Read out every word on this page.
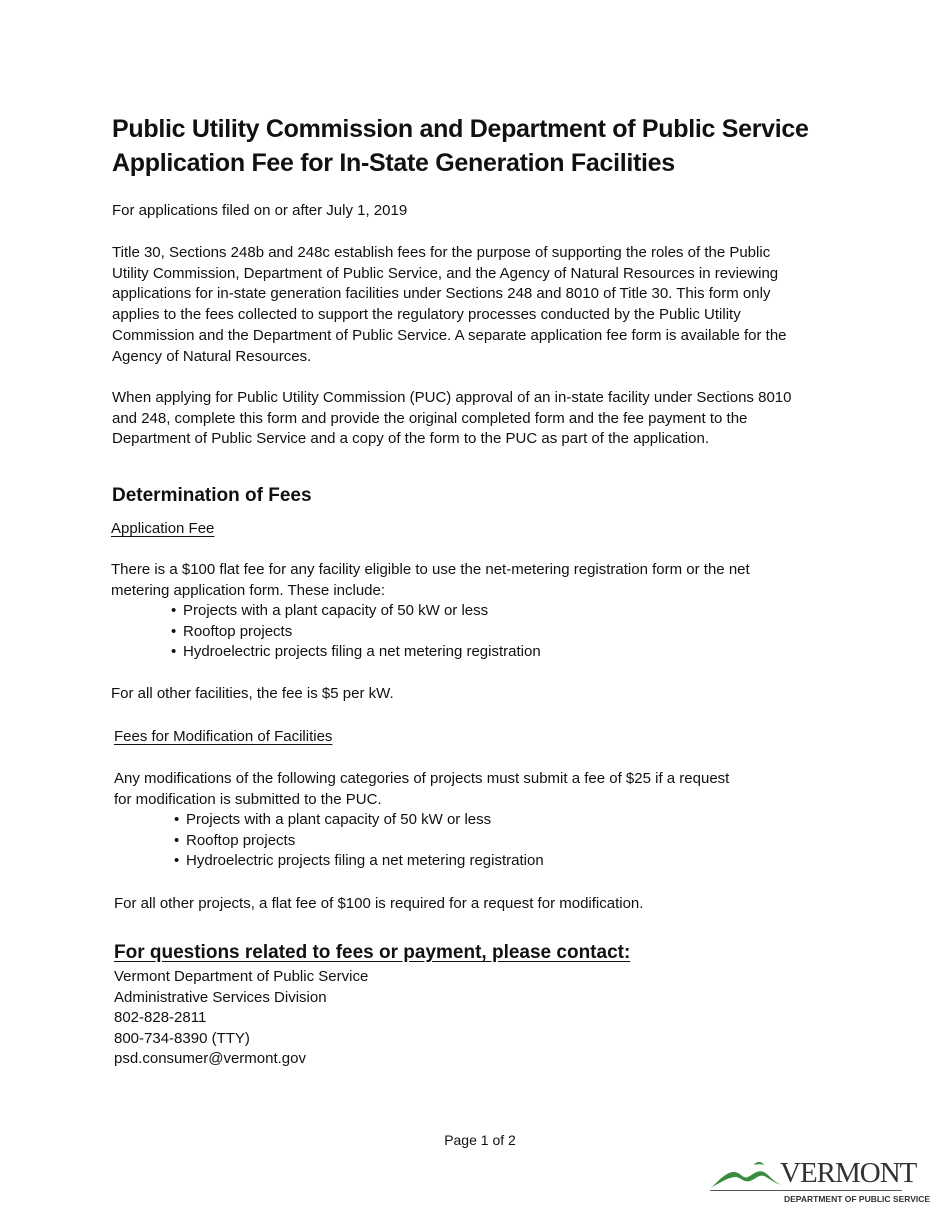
Public Utility Commission and Department of Public Service
Application Fee for In-State Generation Facilities

For applications filed on or after July 1, 2019

Title 30, Sections 248b and 248c establish fees for the purpose of supporting the roles of the Public
Utility Commission, Department of Public Service, and the Agency of Natural Resources in reviewing
applications for in-state generation facilities under Sections 248 and 8010 of Title 30. This form only
applies to the fees collected to support the regulatory processes conducted by the Public Utility
Commission and the Department of Public Service. A separate application fee form is available for the
Agency of Natural Resources.

When applying for Public Utility Commission (PUC) approval of an in-state facility under Sections 8010
and 248, complete this form and provide the original completed form and the fee payment to the
Department of Public Service and a copy of the form to the PUC as part of the application.

Determination of Fees
Application Fee

There is a $100 flat fee for any facility eligible to use the net-metering registration form or the net
metering application form. These include:

• Projects with a plant capacity of 50 kW or less
• Rooftop projects
• Hydroelectric projects filing a net metering registration

For all other facilities, the fee is $5 per kW.

Fees for Modification of Facilities

Any modifications of the following categories of projects must submit a fee of $25 if a request
for modification is submitted to the PUC.

• Projects with a plant capacity of 50 kW or less
• Rooftop projects
• Hydroelectric projects filing a net metering registration

For all other projects, a flat fee of $100 is required for a request for modification.

For questions related to fees or payment, please contact:
Vermont Department of Public Service
Administrative Services Division
802-828-2811
800-734-8390 (TTY)
psd.consumer@vermont.gov
Page 1 of 2
VERMONT
DEPARTMENT OF PUBLIC SERVICE
